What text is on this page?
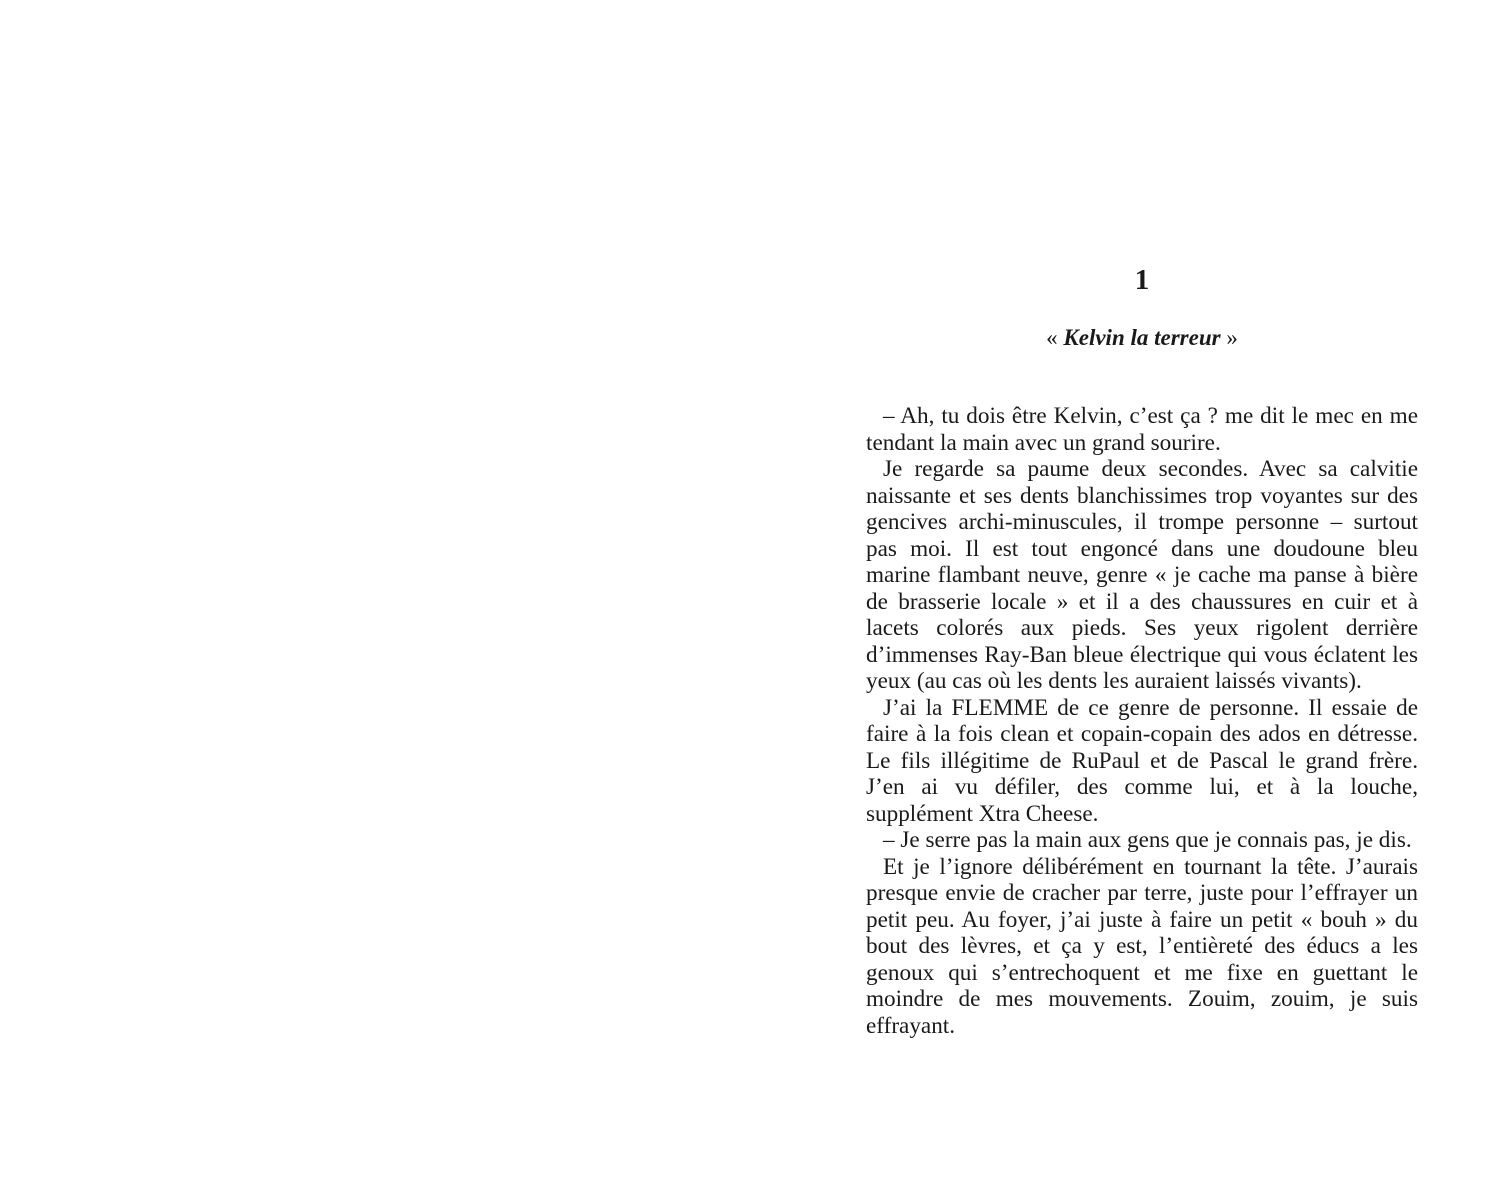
1
« Kelvin la terreur »

– Ah, tu dois être Kelvin, c’est ça ? me dit le mec en me tendant la main avec un grand sourire.

Je regarde sa paume deux secondes. Avec sa calvitie naissante et ses dents blanchissimes trop voyantes sur des gencives archi-minuscules, il trompe personne – surtout pas moi. Il est tout engoncé dans une doudoune bleu marine flambant neuve, genre « je cache ma panse à bière de brasserie locale » et il a des chaussures en cuir et à lacets colorés aux pieds. Ses yeux rigolent derrière d’immenses Ray-Ban bleue électrique qui vous éclatent les yeux (au cas où les dents les auraient laissés vivants).

J’ai la FLEMME de ce genre de personne. Il essaie de faire à la fois clean et copain-copain des ados en détresse. Le fils illégitime de RuPaul et de Pascal le grand frère. J’en ai vu défiler, des comme lui, et à la louche, supplément Xtra Cheese.

– Je serre pas la main aux gens que je connais pas, je dis.

Et je l’ignore délibérément en tournant la tête. J’aurais presque envie de cracher par terre, juste pour l’effrayer un petit peu. Au foyer, j’ai juste à faire un petit « bouh » du bout des lèvres, et ça y est, l’entièreté des éducs a les genoux qui s’entrechoquent et me fixe en guettant le moindre de mes mouvements. Zouim, zouim, je suis effrayant.
